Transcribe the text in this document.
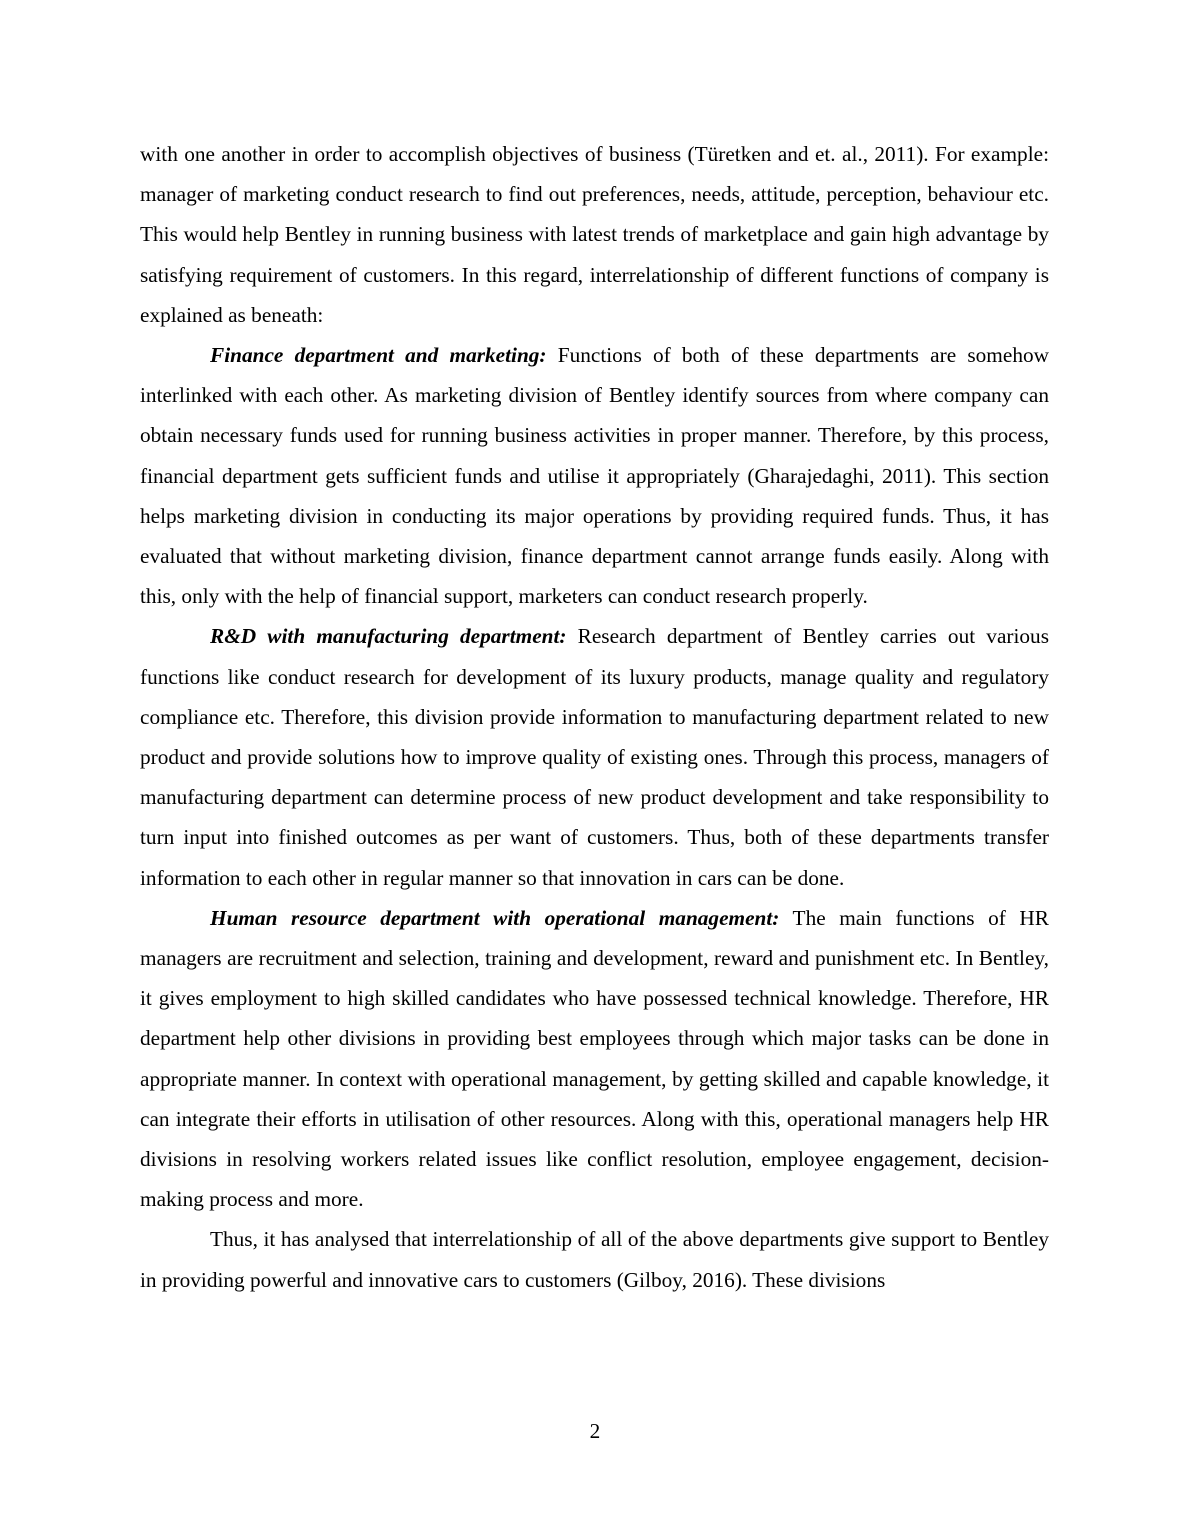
with one another in order to accomplish objectives of business (Türetken and et. al., 2011). For example: manager of marketing conduct research to find out preferences, needs, attitude, perception, behaviour etc. This would help Bentley in running business with latest trends of marketplace and gain high advantage by satisfying requirement of customers. In this regard, interrelationship of different functions of company is explained as beneath:

Finance department and marketing: Functions of both of these departments are somehow interlinked with each other. As marketing division of Bentley identify sources from where company can obtain necessary funds used for running business activities in proper manner. Therefore, by this process, financial department gets sufficient funds and utilise it appropriately (Gharajedaghi, 2011). This section helps marketing division in conducting its major operations by providing required funds. Thus, it has evaluated that without marketing division, finance department cannot arrange funds easily. Along with this, only with the help of financial support, marketers can conduct research properly.

R&D with manufacturing department: Research department of Bentley carries out various functions like conduct research for development of its luxury products, manage quality and regulatory compliance etc. Therefore, this division provide information to manufacturing department related to new product and provide solutions how to improve quality of existing ones. Through this process, managers of manufacturing department can determine process of new product development and take responsibility to turn input into finished outcomes as per want of customers. Thus, both of these departments transfer information to each other in regular manner so that innovation in cars can be done.

Human resource department with operational management: The main functions of HR managers are recruitment and selection, training and development, reward and punishment etc. In Bentley, it gives employment to high skilled candidates who have possessed technical knowledge. Therefore, HR department help other divisions in providing best employees through which major tasks can be done in appropriate manner. In context with operational management, by getting skilled and capable knowledge, it can integrate their efforts in utilisation of other resources. Along with this, operational managers help HR divisions in resolving workers related issues like conflict resolution, employee engagement, decision-making process and more.

Thus, it has analysed that interrelationship of all of the above departments give support to Bentley in providing powerful and innovative cars to customers (Gilboy, 2016). These divisions

2
